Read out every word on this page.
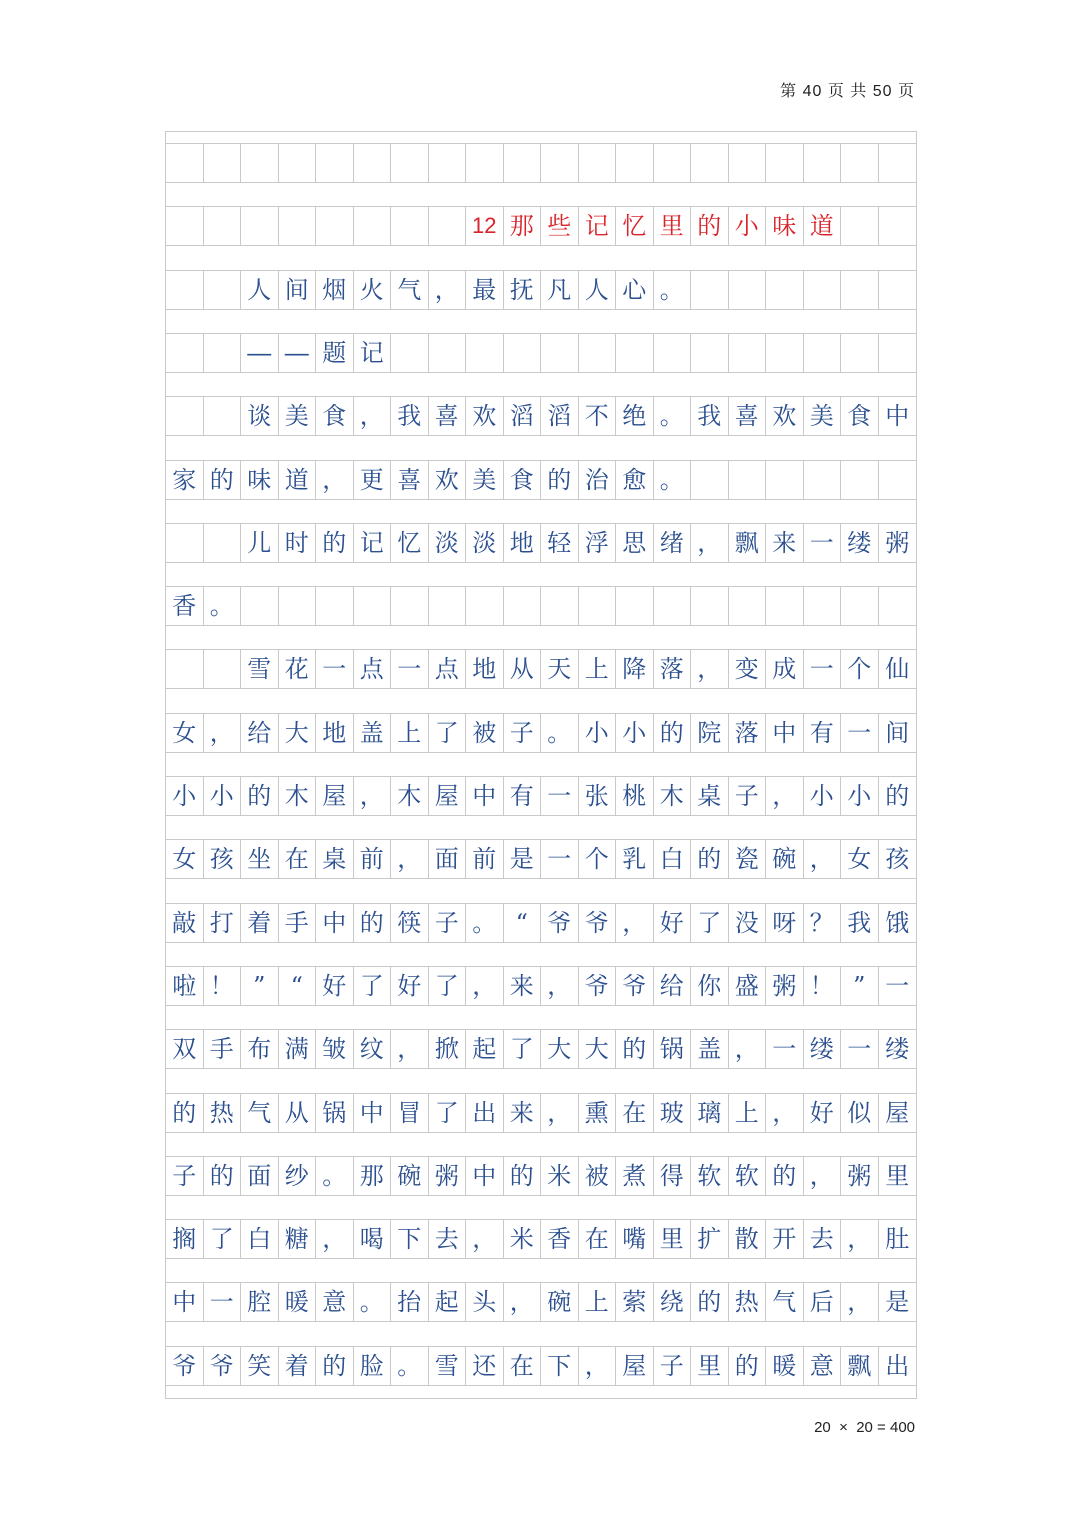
第 40 页 共 50 页
12 那 些 记 忆 里 的 小 味 道
人 间 烟 火 气 ， 最 抚 凡 人 心 。
― ― 题 记
谈 美 食 ， 我 喜 欢 滔 滔 不 绝 。 我 喜 欢 美 食 中
家 的 味 道 ， 更 喜 欢 美 食 的 治 愈 。
儿 时 的 记 忆 淡 淡 地 轻 浮 思 绪 ， 飘 来 一 缕 粥
香 。
雪 花 一 点 一 点 地 从 天 上 降 落 ， 变 成 一 个 仙
女 ， 给 大 地 盖 上 了 被 子 。 小 小 的 院 落 中 有 一 间
小 小 的 木 屋 ， 木 屋 中 有 一 张 桃 木 桌 子 ， 小 小 的
女 孩 坐 在 桌 前 ， 面 前 是 一 个 乳 白 的 瓷 碗 ， 女 孩
敲 打 着 手 中 的 筷 子 。 “ 爷 爷 ， 好 了 没 呀 ？ 我 饿
啦 ！ ”	“ 好 了 好 了 ， 来 ， 爷 爷 给 你 盛 粥 ！ ” 一
双 手 布 满 皱 纹 ， 掀 起 了 大 大 的 锅 盖 ， 一 缕 一 缕
的 热 气 从 锅 中 冒 了 出 来 ， 熏 在 玻 璃 上 ， 好 似 屋
子 的 面 纱 。 那 碗 粥 中 的 米 被 煮 得 软 软 的 ， 粥 里
搁 了 白 糖 ， 喝 下 去 ， 米 香 在 嘴 里 扩 散 开 去 ， 肚
中 一 腔 暖 意 。 抬 起 头 ， 碗 上 萦 绕 的 热 气 后 ， 是
爷 爷 笑 着 的 脸 。 雪 还 在 下 ， 屋 子 里 的 暖 意 飘 出
20  ×  20 = 400
